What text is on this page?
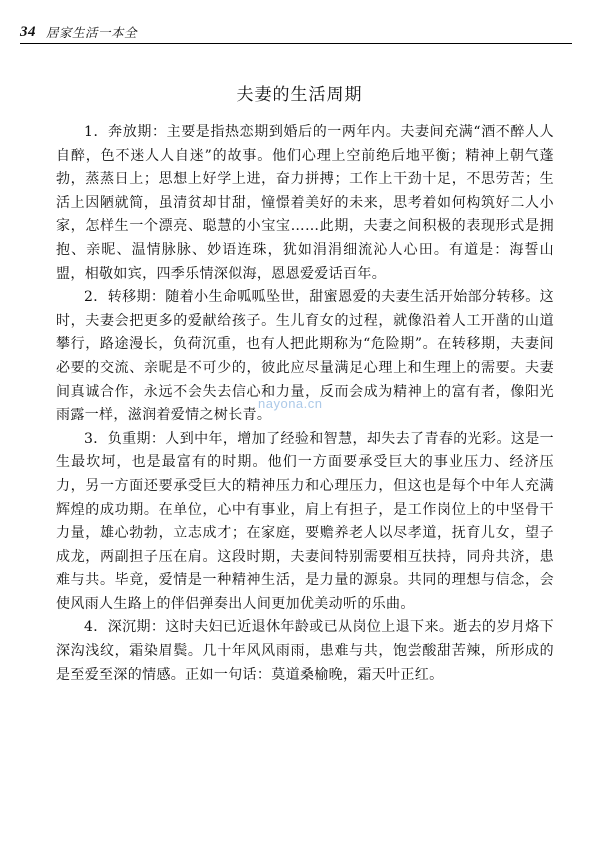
34 居家生活一本全
夫妻的生活周期

1．奔放期：主要是指热恋期到婚后的一两年内。夫妻间充满“酒不醉人人自醉，色不迷人人自迷”的故事。他们心理上空前绝后地平衡；精神上朝气蓬勃，蒸蒸日上；思想上好学上进，奋力拼搏；工作上干劲十足，不思劳苦；生活上因陋就简，虽清贫却甘甜，憧憬着美好的未来，思考着如何构筑好二人小家，怎样生一个漂亮、聪慧的小宝宝……此期，夫妻之间积极的表现形式是拥抱、亲昵、温情脉脉、妙语连珠，犹如涓涓细流沁人心田。有道是：海誓山盟，相敬如宾，四季乐情深似海，恩恩爱爱话百年。

2．转移期：随着小生命呱呱坠世，甜蜜恩爱的夫妻生活开始部分转移。这时，夫妻会把更多的爱献给孩子。生儿育女的过程，就像沿着人工开凿的山道攀行，路途漫长，负荷沉重，也有人把此期称为“危险期”。在转移期，夫妻间必要的交流、亲昵是不可少的，彼此应尽量满足心理上和生理上的需要。夫妻间真诚合作，永远不会失去信心和力量，反而会成为精神上的富有者，像阳光雨露一样，滋润着爱情之树长青。

3．负重期：人到中年，增加了经验和智慧，却失去了青春的光彩。这是一生最坎坷，也是最富有的时期。他们一方面要承受巨大的事业压力、经济压力，另一方面还要承受巨大的精神压力和心理压力，但这也是每个中年人充满辉煌的成功期。在单位，心中有事业，肩上有担子，是工作岗位上的中坚骨干力量，雄心勃勃，立志成才；在家庭，要赡养老人以尽孝道，抚育儿女，望子成龙，两副担子压在肩。这段时期，夫妻间特别需要相互扶持，同舟共济，患难与共。毕竟，爱情是一种精神生活，是力量的源泉。共同的理想与信念，会使风雨人生路上的伴侣弹奏出人间更加优美动听的乐曲。

4．深沉期：这时夫妇已近退休年龄或已从岗位上退下来。逝去的岁月烙下深沟浅纹，霜染眉鬓。几十年风风雨雨，患难与共，饱尝酸甜苦辣，所形成的是至爱至深的情感。正如一句话：莫道桑榆晚，霜天叶正红。

nayona.cn
